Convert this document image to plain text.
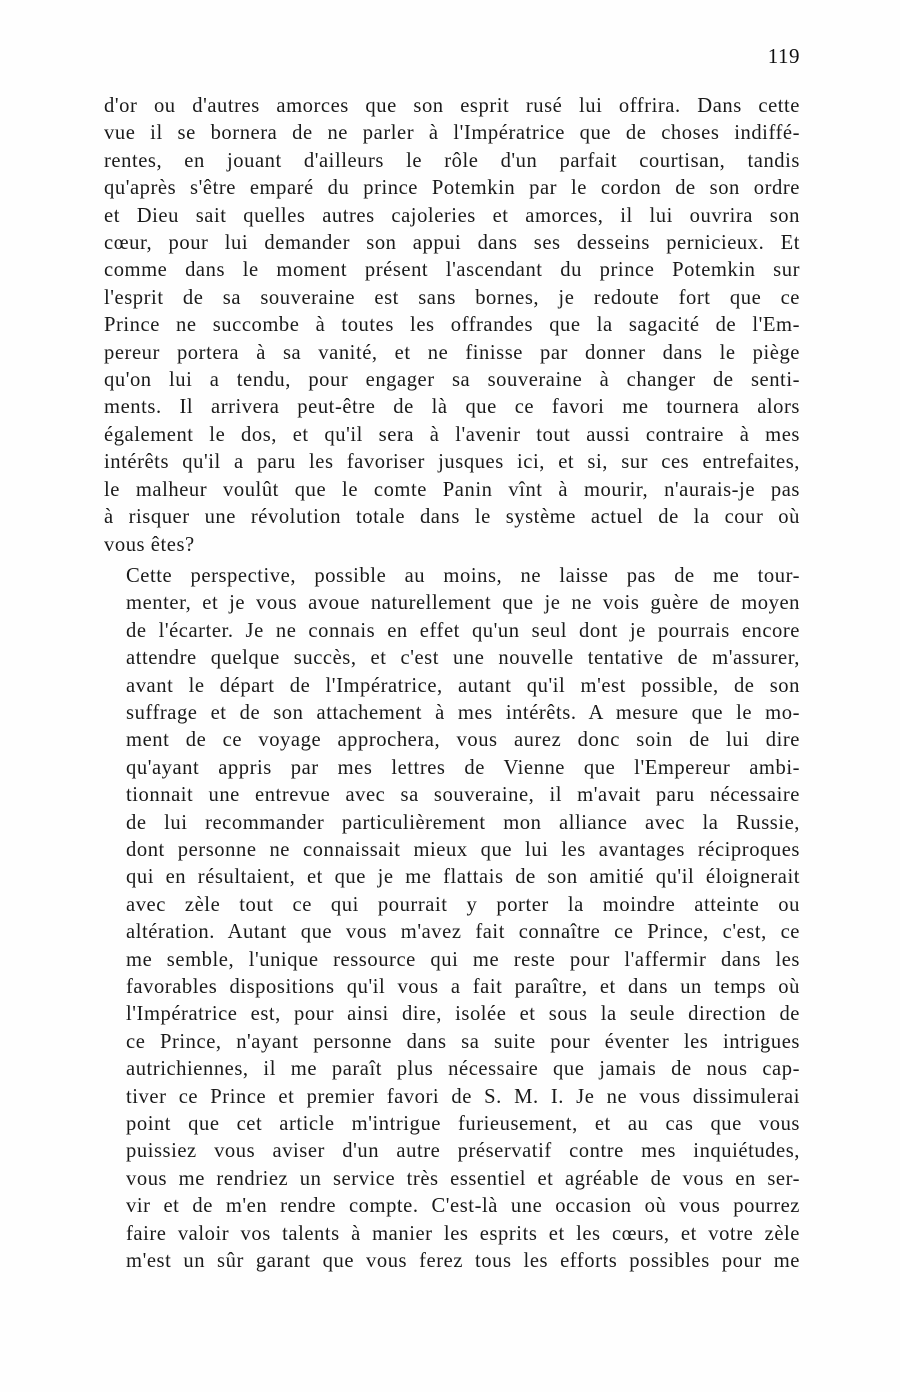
119

d'or ou d'autres amorces que son esprit rusé lui offrira. Dans cette
vue il se bornera de ne parler à l'Impératrice que de choses indiffé-
rentes, en jouant d'ailleurs le rôle d'un parfait courtisan, tandis
qu'après s'être emparé du prince Potemkin par le cordon de son ordre
et Dieu sait quelles autres cajoleries et amorces, il lui ouvrira son
cœur, pour lui demander son appui dans ses desseins pernicieux. Et
comme dans le moment présent l'ascendant du prince Potemkin sur
l'esprit de sa souveraine est sans bornes, je redoute fort que ce
Prince ne succombe à toutes les offrandes que la sagacité de l'Em-
pereur portera à sa vanité, et ne finisse par donner dans le piège
qu'on lui a tendu, pour engager sa souveraine à changer de senti-
ments. Il arrivera peut-être de là que ce favori me tournera alors
également le dos, et qu'il sera à l'avenir tout aussi contraire à mes
intérêts qu'il a paru les favoriser jusques ici, et si, sur ces entrefaites,
le malheur voulût que le comte Panin vînt à mourir, n'aurais-je pas
à risquer une révolution totale dans le système actuel de la cour où
vous êtes?

Cette perspective, possible au moins, ne laisse pas de me tour-
menter, et je vous avoue naturellement que je ne vois guère de moyen
de l'écarter. Je ne connais en effet qu'un seul dont je pourrais encore
attendre quelque succès, et c'est une nouvelle tentative de m'assurer,
avant le départ de l'Impératrice, autant qu'il m'est possible, de son
suffrage et de son attachement à mes intérêts. A mesure que le mo-
ment de ce voyage approchera, vous aurez donc soin de lui dire
qu'ayant appris par mes lettres de Vienne que l'Empereur ambi-
tionnait une entrevue avec sa souveraine, il m'avait paru nécessaire
de lui recommander particulièrement mon alliance avec la Russie,
dont personne ne connaissait mieux que lui les avantages réciproques
qui en résultaient, et que je me flattais de son amitié qu'il éloignerait
avec zèle tout ce qui pourrait y porter la moindre atteinte ou
altération. Autant que vous m'avez fait connaître ce Prince, c'est, ce
me semble, l'unique ressource qui me reste pour l'affermir dans les
favorables dispositions qu'il vous a fait paraître, et dans un temps où
l'Impératrice est, pour ainsi dire, isolée et sous la seule direction de
ce Prince, n'ayant personne dans sa suite pour éventer les intrigues
autrichiennes, il me paraît plus nécessaire que jamais de nous cap-
tiver ce Prince et premier favori de S. M. I. Je ne vous dissimulerai
point que cet article m'intrigue furieusement, et au cas que vous
puissiez vous aviser d'un autre préservatif contre mes inquiétudes,
vous me rendriez un service très essentiel et agréable de vous en ser-
vir et de m'en rendre compte. C'est-là une occasion où vous pourrez
faire valoir vos talents à manier les esprits et les cœurs, et votre zèle
m'est un sûr garant que vous ferez tous les efforts possibles pour me
